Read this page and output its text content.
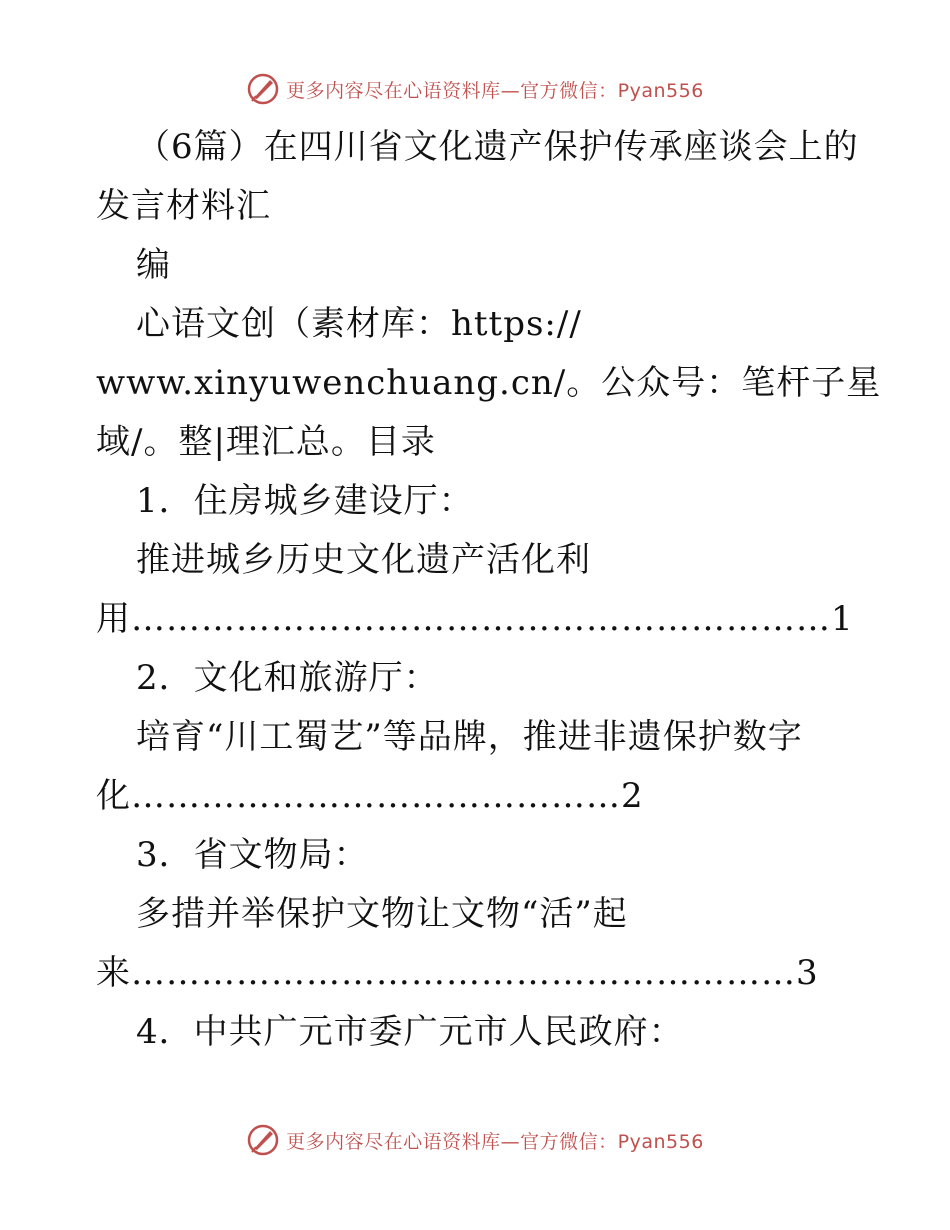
更多内容尽在心语资料库—官方微信：Pyan556
（6篇）在四川省文化遗产保护传承座谈会上的
发言材料汇
编
心语文创（素材库：https://
www.xinyuwenchuang.cn/。公众号：笔杆子星
域/。整|理汇总。目录
1．住房城乡建设厅：
推进城乡历史文化遗产活化利
用……………………………………………………1
2．文化和旅游厅：
培育“川工蜀艺”等品牌，推进非遗保护数字
化……………………………………2
3．省文物局：
多措并举保护文物让文物“活”起
来…………………………………………………3
4．中共广元市委广元市人民政府：
更多内容尽在心语资料库—官方微信：Pyan556
